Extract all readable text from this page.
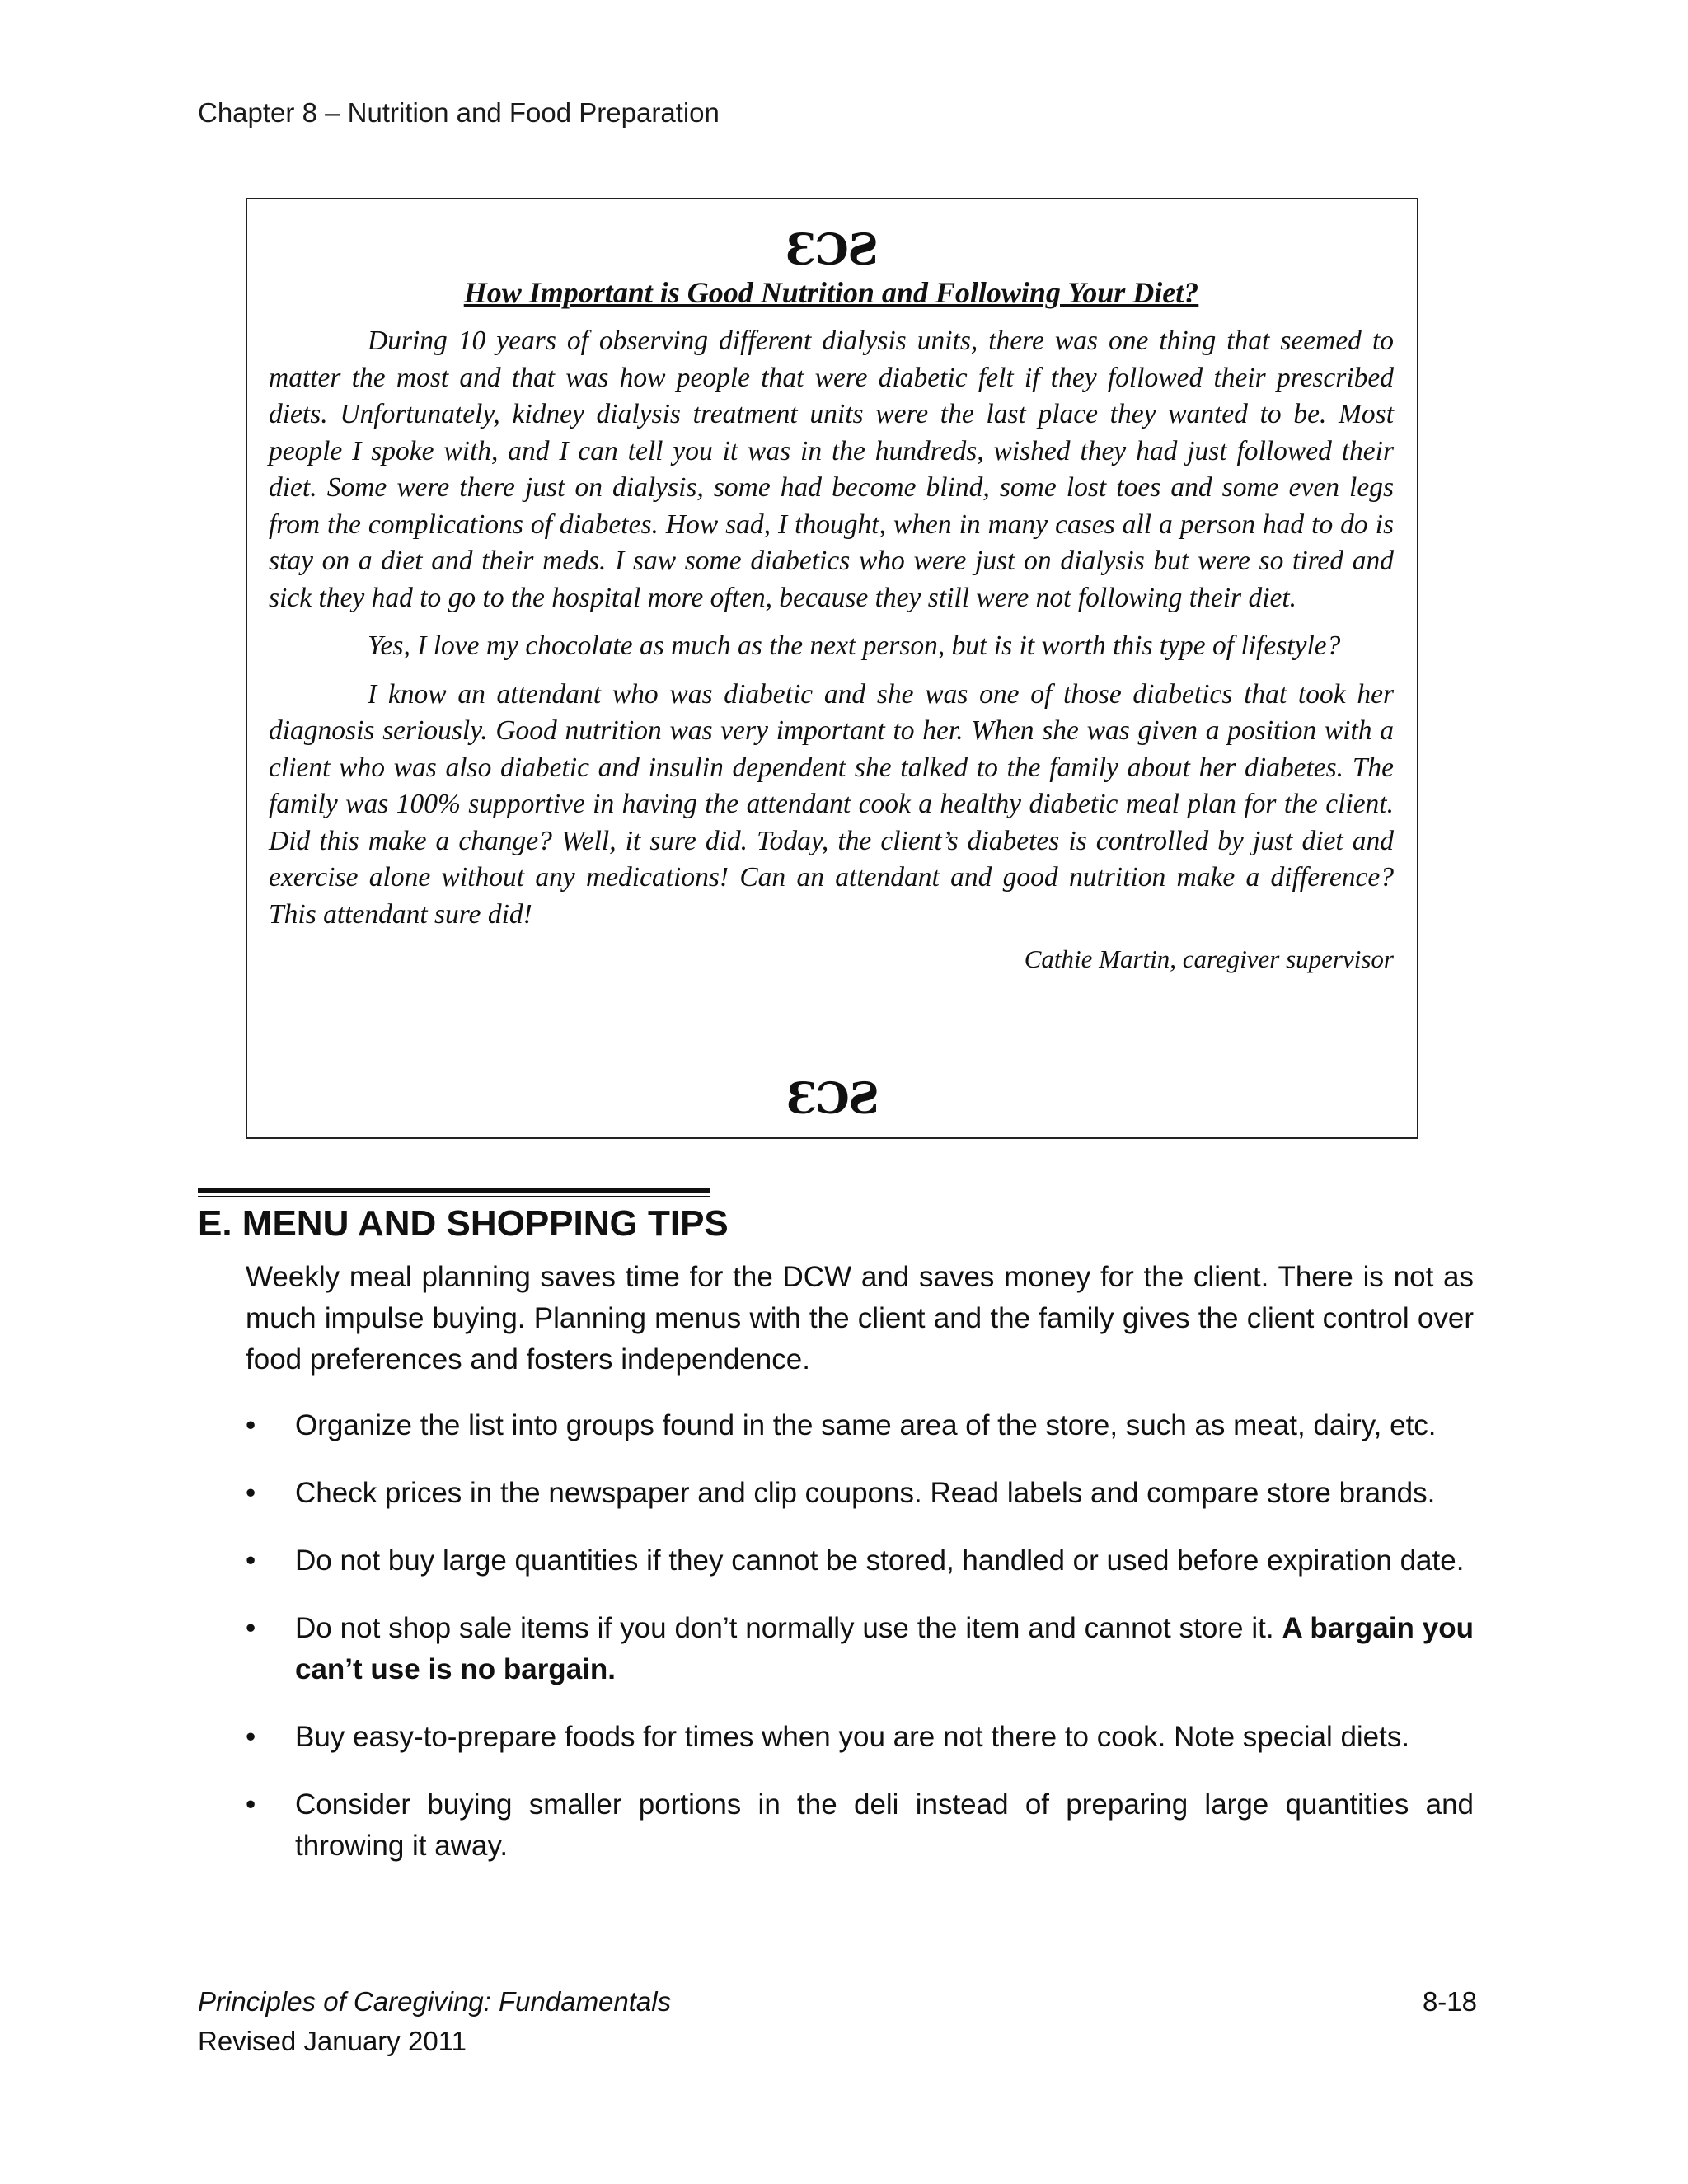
Chapter 8 – Nutrition and Food Preparation
ƐƆƧ
How Important is Good Nutrition and Following Your Diet?

During 10 years of observing different dialysis units, there was one thing that seemed to matter the most and that was how people that were diabetic felt if they followed their prescribed diets. Unfortunately, kidney dialysis treatment units were the last place they wanted to be. Most people I spoke with, and I can tell you it was in the hundreds, wished they had just followed their diet. Some were there just on dialysis, some had become blind, some lost toes and some even legs from the complications of diabetes. How sad, I thought, when in many cases all a person had to do is stay on a diet and their meds. I saw some diabetics who were just on dialysis but were so tired and sick they had to go to the hospital more often, because they still were not following their diet.

Yes, I love my chocolate as much as the next person, but is it worth this type of lifestyle?

I know an attendant who was diabetic and she was one of those diabetics that took her diagnosis seriously. Good nutrition was very important to her. When she was given a position with a client who was also diabetic and insulin dependent she talked to the family about her diabetes. The family was 100% supportive in having the attendant cook a healthy diabetic meal plan for the client. Did this make a change? Well, it sure did. Today, the client’s diabetes is controlled by just diet and exercise alone without any medications! Can an attendant and good nutrition make a difference? This attendant sure did!

Cathie Martin, caregiver supervisor
ƐƆƧ
E. MENU AND SHOPPING TIPS

Weekly meal planning saves time for the DCW and saves money for the client. There is not as much impulse buying. Planning menus with the client and the family gives the client control over food preferences and fosters independence.

• Organize the list into groups found in the same area of the store, such as meat, dairy, etc.
• Check prices in the newspaper and clip coupons. Read labels and compare store brands.
• Do not buy large quantities if they cannot be stored, handled or used before expiration date.
• Do not shop sale items if you don’t normally use the item and cannot store it. A bargain you can’t use is no bargain.
• Buy easy-to-prepare foods for times when you are not there to cook. Note special diets.
• Consider buying smaller portions in the deli instead of preparing large quantities and throwing it away.
Principles of Caregiving: Fundamentals
Revised January 2011
8-18
